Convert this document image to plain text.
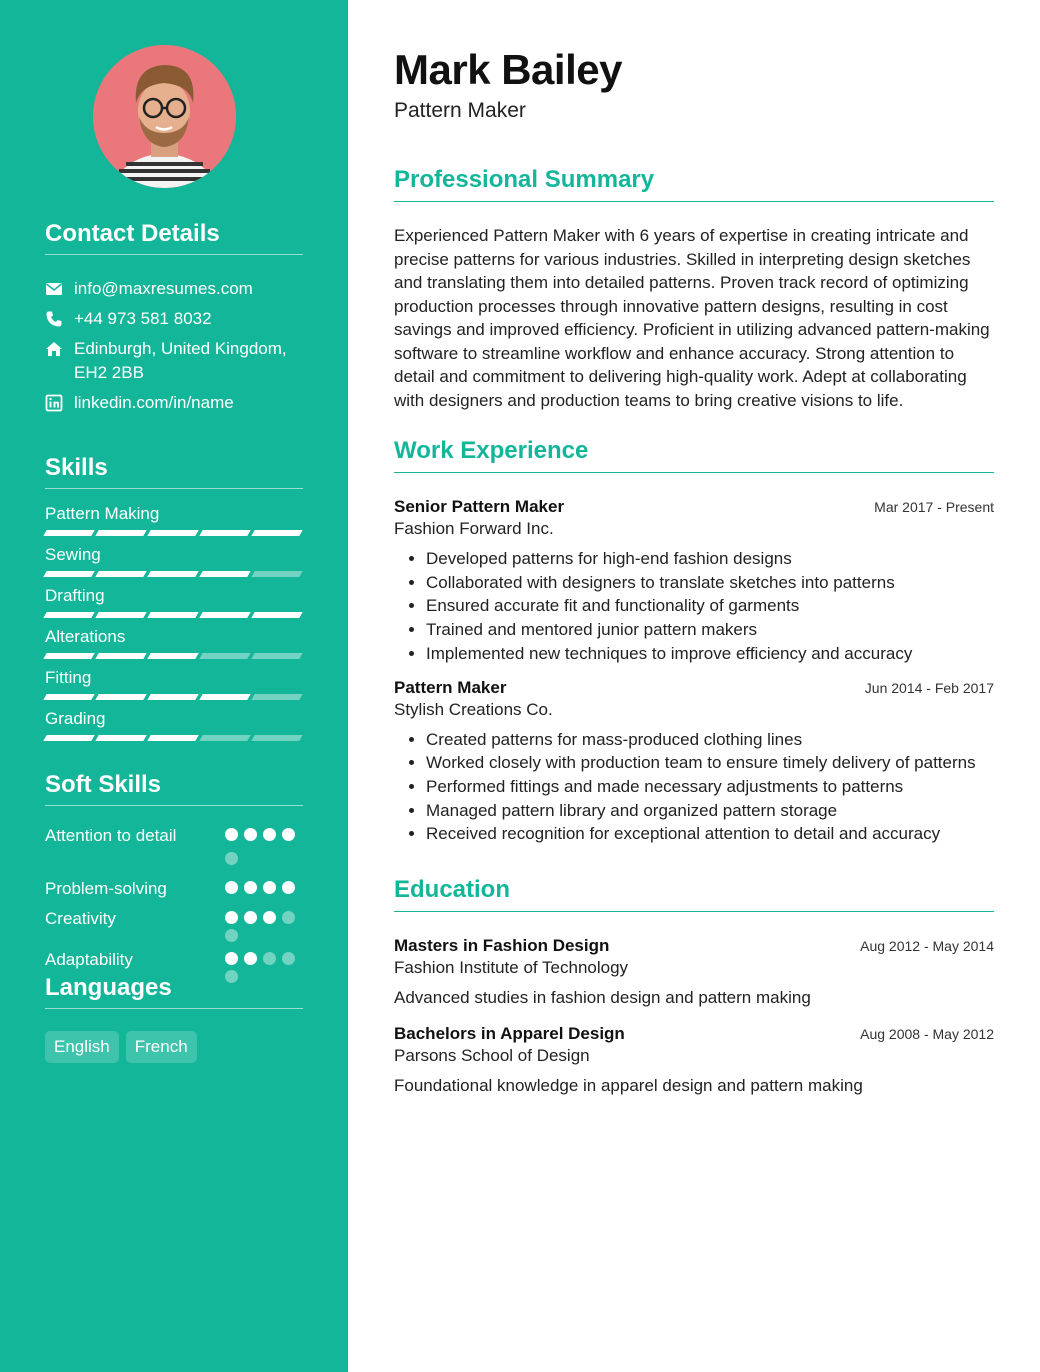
Contact Details
info@maxresumes.com
+44 973 581 8032
Edinburgh, United Kingdom, EH2 2BB
linkedin.com/in/name
Skills
Pattern Making
Sewing
Drafting
Alterations
Fitting
Grading
Soft Skills
Attention to detail
Problem-solving
Creativity
Adaptability
Languages
English	French
Mark Bailey
Pattern Maker
Professional Summary
Experienced Pattern Maker with 6 years of expertise in creating intricate and precise patterns for various industries. Skilled in interpreting design sketches and translating them into detailed patterns. Proven track record of optimizing production processes through innovative pattern designs, resulting in cost savings and improved efficiency. Proficient in utilizing advanced pattern-making software to streamline workflow and enhance accuracy. Strong attention to detail and commitment to delivering high-quality work. Adept at collaborating with designers and production teams to bring creative visions to life.
Work Experience
Senior Pattern Maker	Mar 2017 - Present
Fashion Forward Inc.
• Developed patterns for high-end fashion designs
• Collaborated with designers to translate sketches into patterns
• Ensured accurate fit and functionality of garments
• Trained and mentored junior pattern makers
• Implemented new techniques to improve efficiency and accuracy
Pattern Maker	Jun 2014 - Feb 2017
Stylish Creations Co.
• Created patterns for mass-produced clothing lines
• Worked closely with production team to ensure timely delivery of patterns
• Performed fittings and made necessary adjustments to patterns
• Managed pattern library and organized pattern storage
• Received recognition for exceptional attention to detail and accuracy
Education
Masters in Fashion Design	Aug 2012 - May 2014
Fashion Institute of Technology
Advanced studies in fashion design and pattern making
Bachelors in Apparel Design	Aug 2008 - May 2012
Parsons School of Design
Foundational knowledge in apparel design and pattern making
